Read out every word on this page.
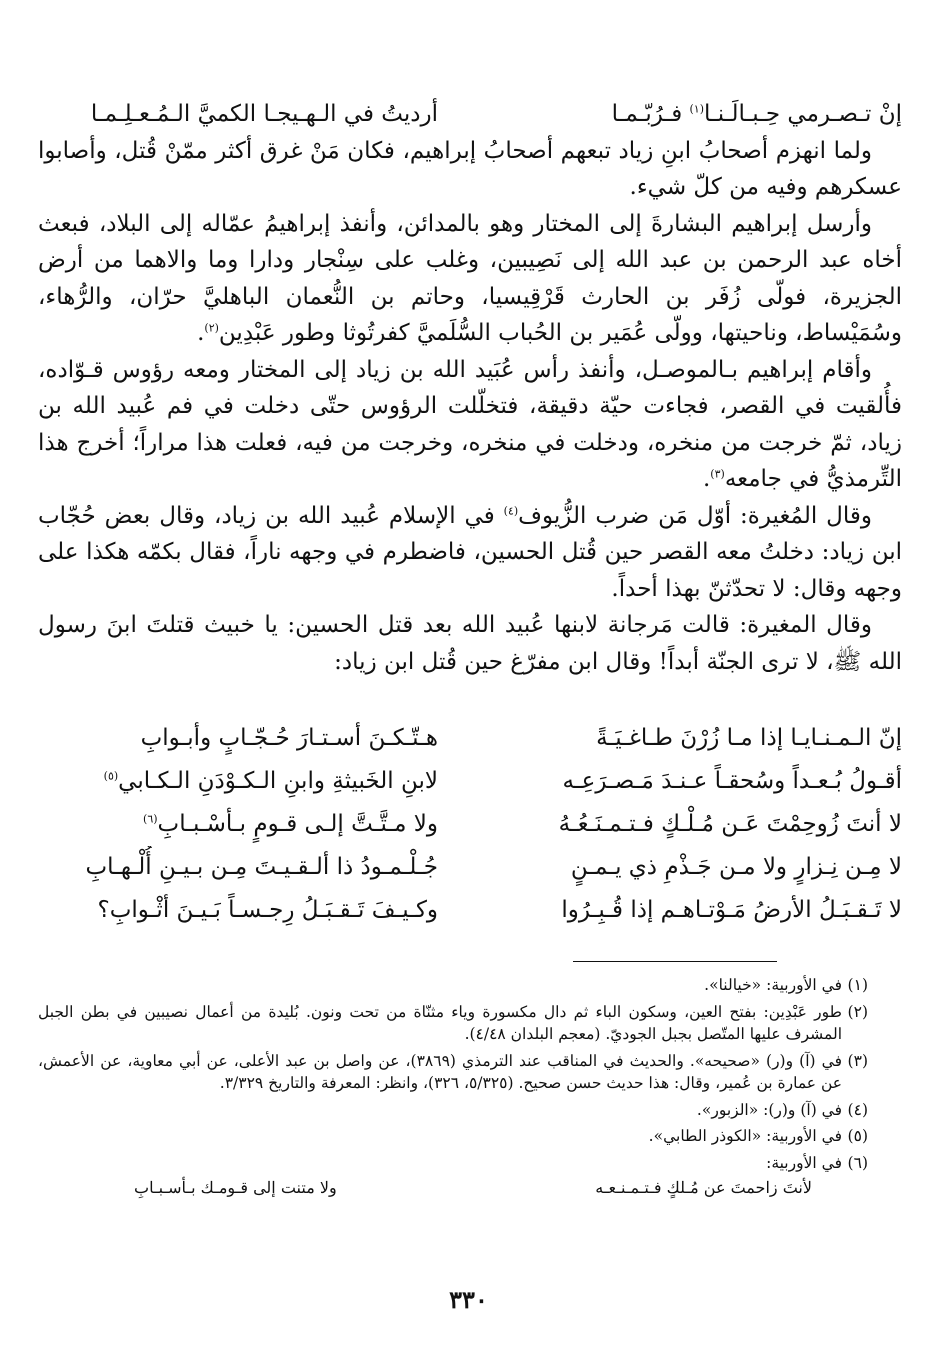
إنْ تـصـرمي حِـبـالَـنـا$^{(١)}$ فـرُبّـمـا
أرديتُ في الـهـيجـا الكميَّ الـمُـعـلِـمـا

ولما انهزم أصحابُ ابنِ زياد تبعهم أصحابُ إبراهيم، فكان مَنْ غرق أكثر ممّنْ قُتل، وأصابوا عسكرهم وفيه من كلّ شيء.

وأرسل إبراهيم البشارةَ إلى المختار وهو بالمدائن، وأنفذ إبراهيمُ عمّاله إلى البلاد، فبعث أخاه عبد الرحمن بن عبد الله إلى نَصِيبين، وغلب على سِنْجار ودارا وما والاهما من أرض الجزيرة، فولّى زُفَر بن الحارث قَرْقِيسيا، وحاتم بن النُّعمان الباهليَّ حرّان، والرُّهاء، وسُمَيْساط، وناحيتها، وولّى عُمَير بن الحُباب السُّلَميَّ كفرتُوثا وطور عَبْدِين$^{(٢)}$.

وأقام إبراهيم بـالموصـل، وأنفذ رأس عُبَيد الله بن زياد إلى المختار ومعه رؤوس قـوّاده، فأُلقيت في القصر، فجاءت حيّة دقيقة، فتخلّلت الرؤوس حتّى دخلت في فم عُبيد الله بن زياد، ثمّ خرجت من منخره، ودخلت في منخره، وخرجت من فيه، فعلت هذا مراراً؛ أخرج هذا التِّرمذيُّ في جامعه$^{(٣)}$.

وقال المُغيرة: أوّل مَن ضرب الزُّيوف$^{(٤)}$ في الإسلام عُبيد الله بن زياد، وقال بعض حُجّاب ابن زياد: دخلتُ معه القصر حين قُتل الحسين، فاضطرم في وجهه ناراً، فقال بكمّه هكذا على وجهه وقال: لا تحدّثنّ بهذا أحداً.

وقال المغيرة: قالت مَرجانة لابنها عُبيد الله بعد قتل الحسين: يا خبيث قتلتَ ابنَ رسول الله ﷺ، لا ترى الجنّة أبداً! وقال ابن مفرّغ حين قُتل ابن زياد:

إنّ الـمـنـايـا إذا مـا زُرْنَ طـاغـيَـةً
هـتّـكـنَ أسـتـارَ حُـجّـابٍ وأبـوابِ
أقـولُ بُـعـداً وسُحقـاً عـنـدَ مَـصـرَعِـه
لابنِ الخَبيثةِ وابنِ الـكـوْدَنِ الـكـابي$^{(٥)}$
لا أنتَ زُوحِمْتَ عَـن مُـلْـكٍ فـتـمـنَـعُـهُ
ولا مـتَّـتَّ إلـى قـومٍ بـأسْـبـابِ$^{(٦)}$
لا مِـن نِـزارٍ ولا مـن جَـذْمِ ذي يـمـنٍ
جُـلْـمـودُ ذا ألـقـيـتَ مِـن بـيـنِ أُلْـهـابِ
لا تَـقـبَـلُ الأرضُ مَـوْتـاهـم إذا قُـبِـرُوا
وكـيـفَ تَـقـبَـلُ رِجـسـاً بَـيـنَ أثْـوابِ؟
(١)
في الأوربية: «خيالنا».
(٢)
طور عَبْدِين: بفتح العين، وسكون الباء ثم دال مكسورة وياء مثنّاة من تحت ونون. بُليدة من أعمال نصيبين في بطن الجبل المشرف عليها المتّصل بجبل الجوديّ. (معجم البلدان ٤/٤٨).
(٣)
في (آ) و(ر) «صحيحه». والحديث في المناقب عند الترمذي (٣٨٦٩)، عن واصل بن عبد الأعلى، عن أبي معاوية، عن الأعمش، عن عمارة بن عُمير، وقال: هذا حديث حسن صحيح. (٥/٣٢٥، ٣٢٦)، وانظر: المعرفة والتاريخ ٣/٣٢٩.
(٤)
في (آ) و(ر): «الزبور».
(٥)
في الأوربية: «الكوذر الطابي».
(٦)
في الأوربية:
لأنتَ زاحمتَ عن مُـلكٍ فـتـمـنـعـه
ولا متنت إلى قـومـك بـأسـبـابِ
٣٣٠
